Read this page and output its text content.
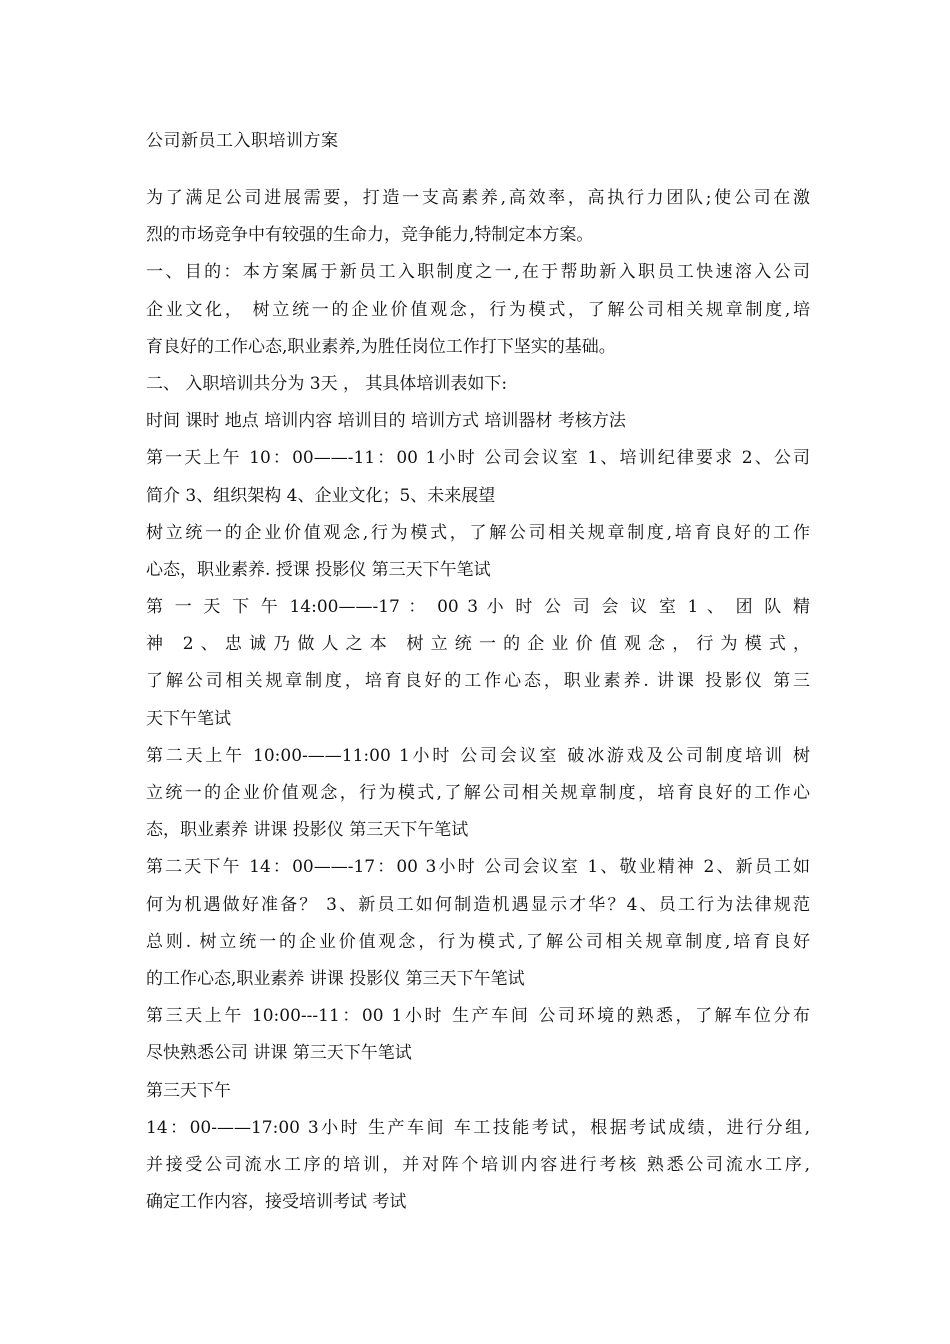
公司新员工入职培训方案
为了满足公司进展需要，打造一支高素养,高效率，高执行力团队;使公司在激
烈的市场竞争中有较强的生命力，竞争能力,特制定本方案。
一、目的：本方案属于新员工入职制度之一,在于帮助新入职员工快速溶入公司
企业文化， 树立统一的企业价值观念，行为模式，了解公司相关规章制度,培
育良好的工作心态,职业素养,为胜任岗位工作打下坚实的基础。
二、 入职培训共分为 3天 ， 其具体培训表如下:
时间 课时 地点 培训内容 培训目的 培训方式 培训器材 考核方法
第一天上午 10：00——-11：00 1小时 公司会议室 1、培训纪律要求 2、公司
简介 3、组织架构 4、企业文化；5、未来展望
树立统一的企业价值观念,行为模式，了解公司相关规章制度,培育良好的工作
心态，职业素养. 授课 投影仪 第三天下午笔试
第 一 天 下 午 14:00——-17 ： 00 3 小 时 公 司 会 议 室 1 、 团 队 精
神 2、忠诚乃做人之本 树立统一的企业价值观念，行为模式，
了解公司相关规章制度，培育良好的工作心态，职业素养. 讲课 投影仪 第三
天下午笔试
第二天上午 10:00-——11:00 1小时 公司会议室 破冰游戏及公司制度培训 树
立统一的企业价值观念，行为模式,了解公司相关规章制度，培育良好的工作心
态，职业素养 讲课 投影仪 第三天下午笔试
第二天下午 14：00——-17：00 3小时 公司会议室 1、敬业精神 2、新员工如
何为机遇做好准备？ 3、新员工如何制造机遇显示才华？4、员工行为法律规范
总则. 树立统一的企业价值观念，行为模式,了解公司相关规章制度,培育良好
的工作心态,职业素养 讲课 投影仪 第三天下午笔试
第三天上午 10:00---11：00 1小时 生产车间 公司环境的熟悉，了解车位分布
尽快熟悉公司 讲课 第三天下午笔试
第三天下午
14：00-——17:00 3小时 生产车间 车工技能考试，根据考试成绩，进行分组,
并接受公司流水工序的培训，并对阵个培训内容进行考核 熟悉公司流水工序,
确定工作内容，接受培训考试 考试
